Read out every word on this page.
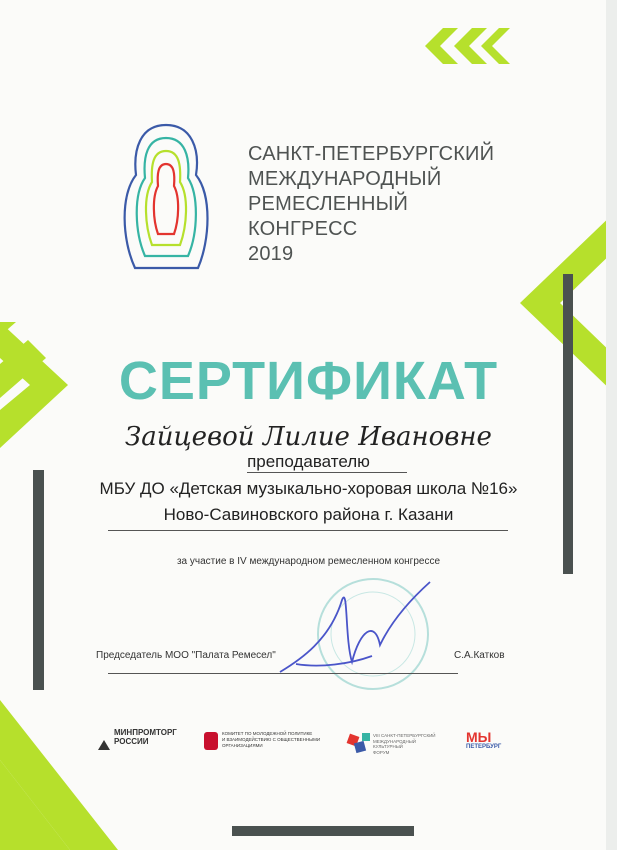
САНКТ-ПЕТЕРБУРГСКИЙ
МЕЖДУНАРОДНЫЙ
РЕМЕСЛЕННЫЙ
КОНГРЕСС
2019
СЕРТИФИКАТ
Зайцевой Лилие Ивановне
преподавателю
МБУ ДО «Детская музыкально-хоровая школа №16»
Ново-Савиновского района г. Казани
за участие в IV международном ремесленном конгрессе
Председатель МОО "Палата Ремесел"	С.А.Катков
МИНПРОМТОРГ
РОССИИ
КОМИТЕТ ПО МОЛОДЕЖНОЙ ПОЛИТИКЕ
И ВЗАИМОДЕЙСТВИЮ С ОБЩЕСТВЕННЫМИ
ОРГАНИЗАЦИЯМИ
VIII САНКТ-ПЕТЕРБУРГСКИЙ
МЕЖДУНАРОДНЫЙ
КУЛЬТУРНЫЙ
ФОРУМ
МЫ
ПЕТЕРБУРГ
